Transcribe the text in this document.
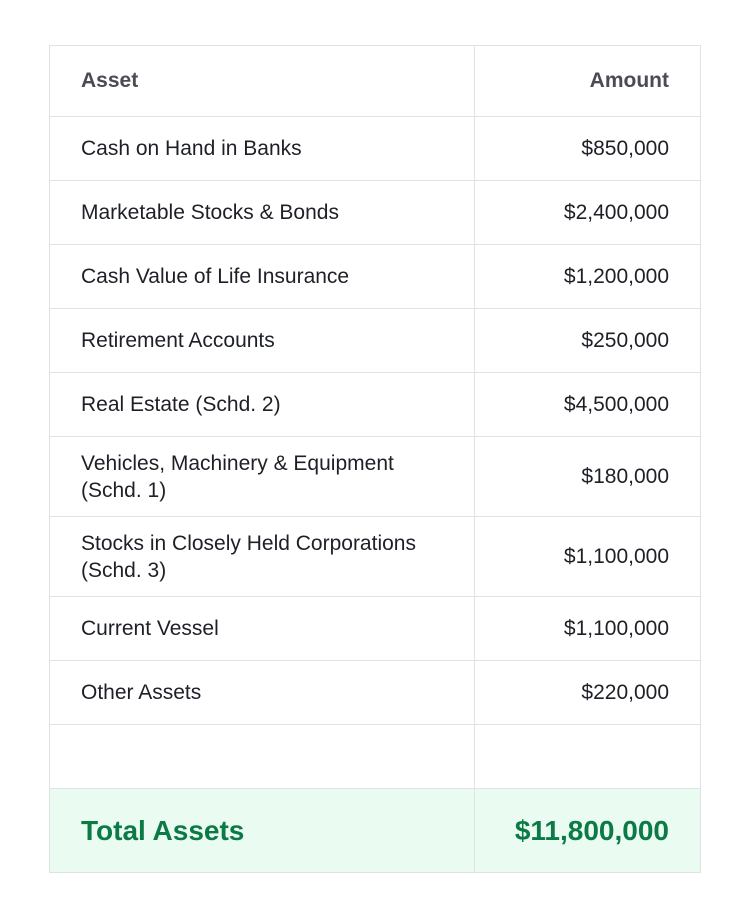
Asset	Amount
Cash on Hand in Banks	$850,000
Marketable Stocks & Bonds	$2,400,000
Cash Value of Life Insurance	$1,200,000
Retirement Accounts	$250,000
Real Estate (Schd. 2)	$4,500,000
Vehicles, Machinery & Equipment (Schd. 1)	$180,000
Stocks in Closely Held Corporations (Schd. 3)	$1,100,000
Current Vessel	$1,100,000
Other Assets	$220,000

Total Assets	$11,800,000
